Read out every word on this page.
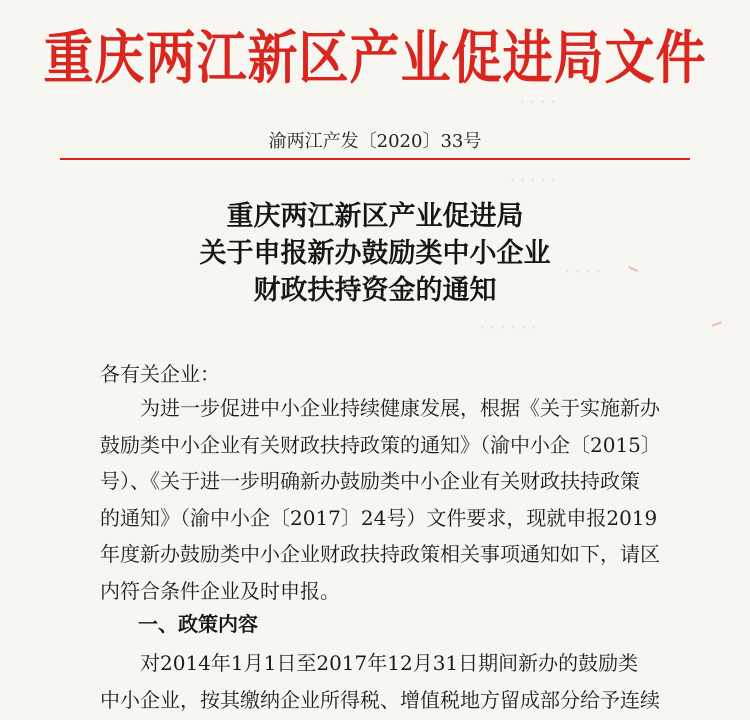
重庆两江新区产业促进局文件
渝两江产发〔2020〕33号
· · · ·
· · · · ·
· · · ·
· · · · · ·
重庆两江新区产业促进局
关于申报新办鼓励类中小企业
财政扶持资金的通知
各有关企业：
　　为进一步促进中小企业持续健康发展，根据《关于实施新办
鼓励类中小企业有关财政扶持政策的通知》（渝中小企〔2015〕
号）、《关于进一步明确新办鼓励类中小企业有关财政扶持政策
的通知》（渝中小企〔2017〕24号）文件要求，现就申报2019
年度新办鼓励类中小企业财政扶持政策相关事项通知如下，请区
内符合条件企业及时申报。
一、政策内容
　　对2014年1月1日至2017年12月31日期间新办的鼓励类
中小企业，按其缴纳企业所得税、增值税地方留成部分给予连续
